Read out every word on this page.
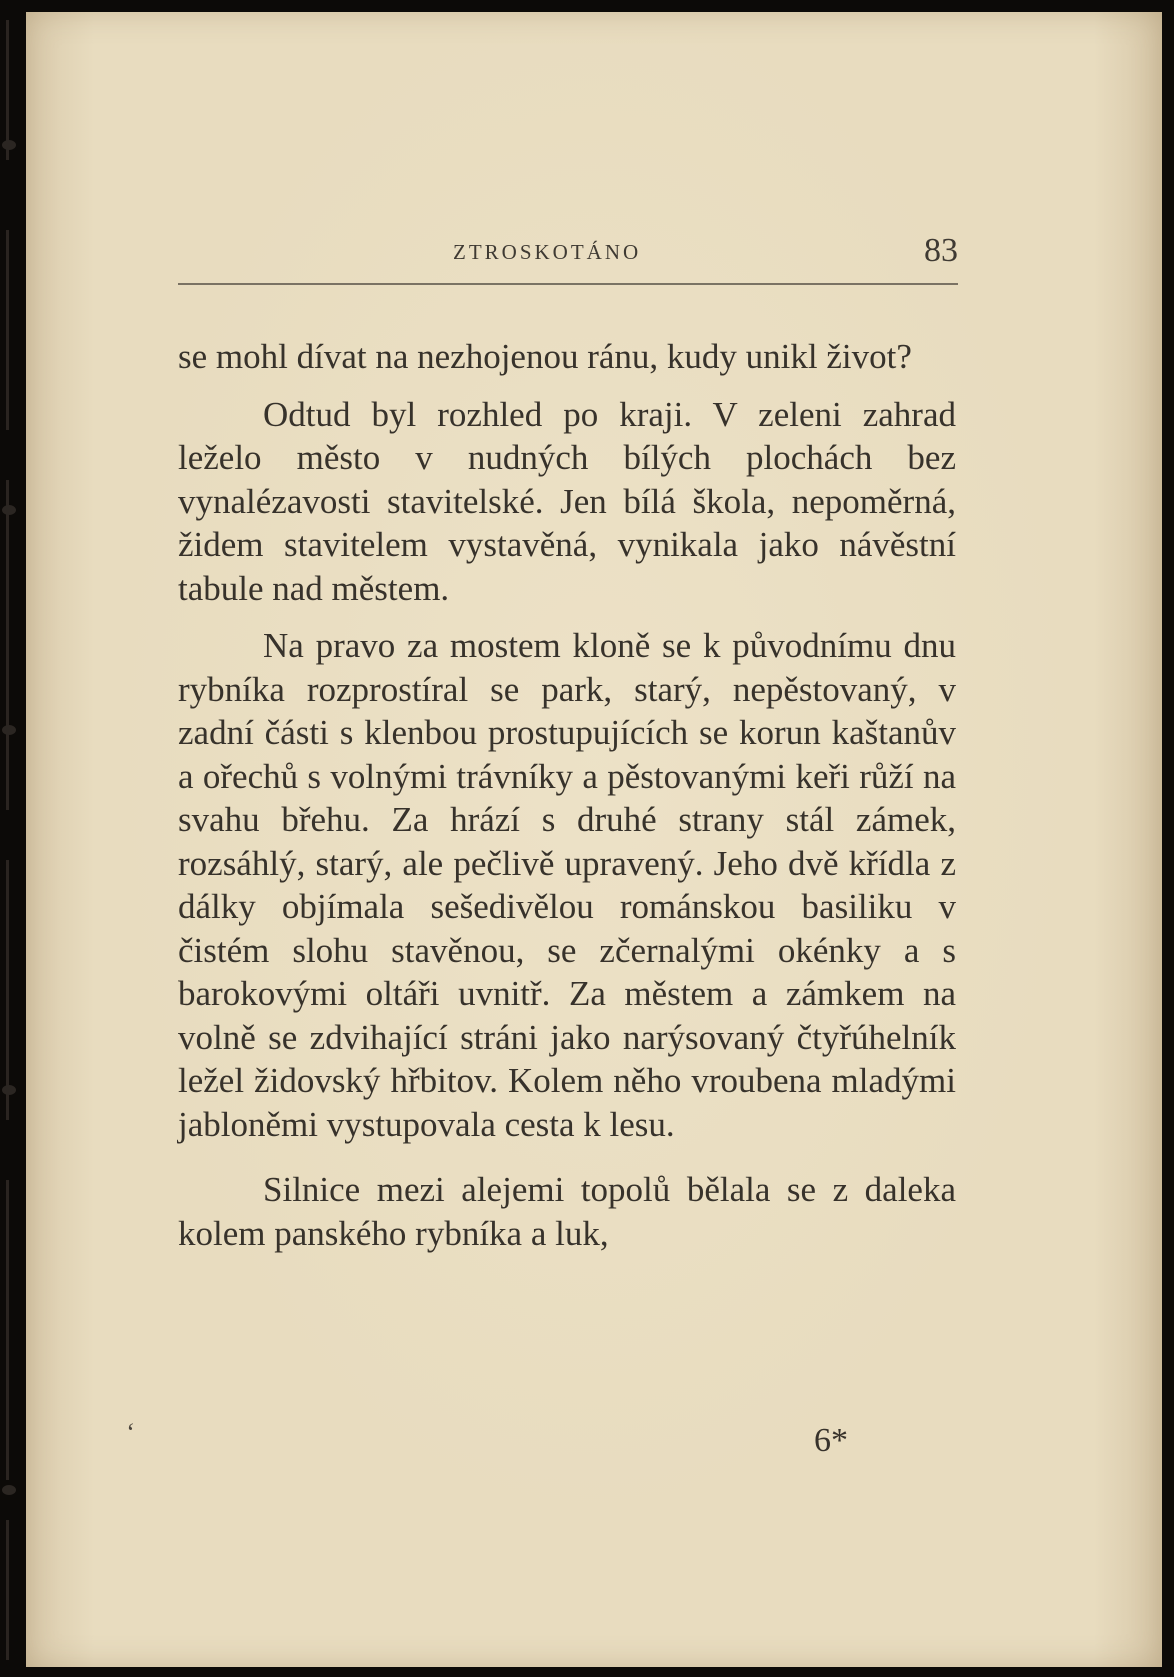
ZTROSKOTÁNO	83

se mohl dívat na nezhojenou ránu, kudy unikl život?

Odtud byl rozhled po kraji. V zeleni zahrad leželo město v nudných bílých plochách bez vynalézavosti stavitelské. Jen bílá škola, nepoměrná, židem stavitelem vystavěná, vynikala jako návěstní tabule nad městem.

Na pravo za mostem kloně se k původnímu dnu rybníka rozprostíral se park, starý, nepěstovaný, v zadní části s klenbou prostupujících se korun kaštanův a ořechů s volnými trávníky a pěstovanými keři růží na svahu břehu. Za hrází s druhé strany stál zámek, rozsáhlý, starý, ale pečlivě upravený. Jeho dvě křídla z dálky objímala sešedivělou románskou basiliku v čistém slohu stavěnou, se zčernalými okénky a s barokovými oltáři uvnitř. Za městem a zámkem na volně se zdvihající stráni jako narýsovaný čtyřúhelník ležel židovský hřbitov. Kolem něho vroubena mladými jabloněmi vystupovala cesta k lesu.

Silnice mezi alejemi topolů bělala se z daleka kolem panského rybníka a luk,

‘	6*
